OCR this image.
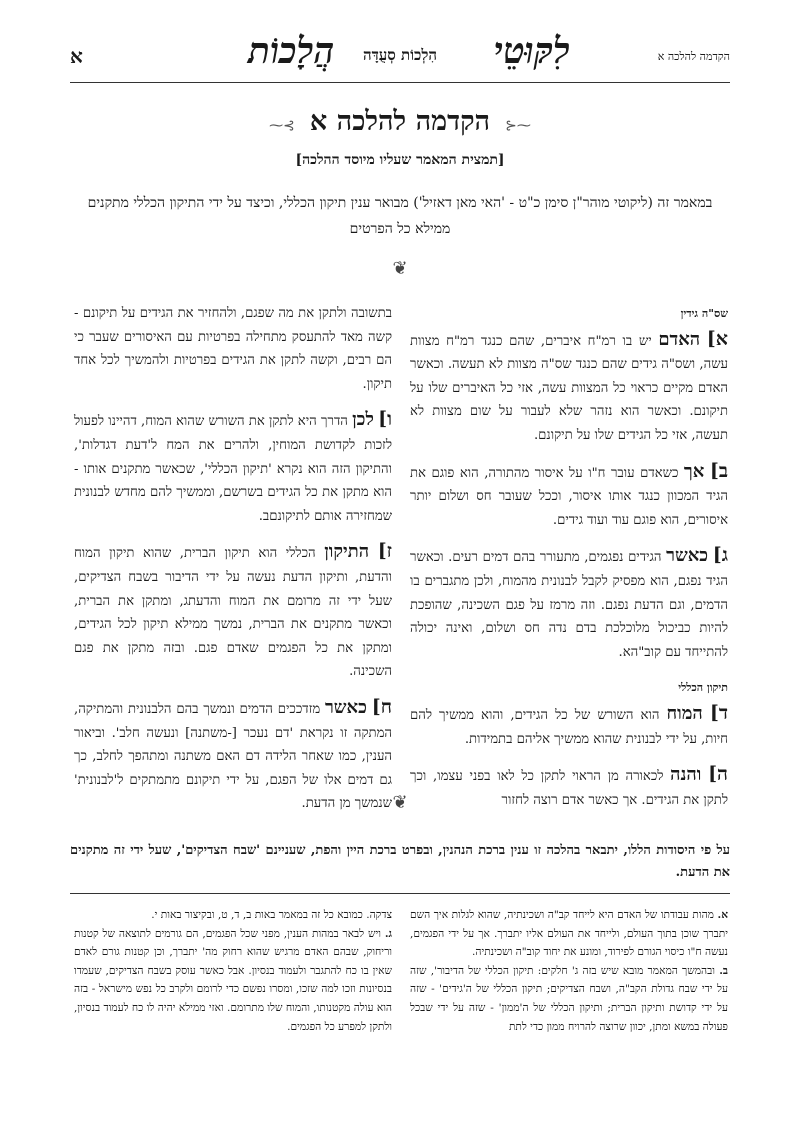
הקדמה להלכה א
לִקּוּטֵי
הִלְכוֹת סְעֻדָּה
הֲלָכוֹת
א
⁓⊰ הקדמה להלכה א ⊱⁓
[תמצית המאמר שעליו מיוסד ההלכה]
במאמר זה (ליקוטי מוהר"ן סימן כ"ט - 'האי מאן דאזיל') מבואר ענין תיקון הכללי, וכיצד על ידי התיקון הכללי מתקנים ממילא כל הפרטים
❦
שס"ה גידין

א] האדם יש בו רמ"ח איברים, שהם כנגד רמ"ח מצוות עשה, ושס"ה גידים שהם כנגד שס"ה מצוות לא תעשה. וכאשר האדם מקיים כראוי כל המצוות עשה, אזי כל האיברים שלו על תיקונם. וכאשר הוא נזהר שלא לעבור על שום מצוות לא תעשה, אזי כל הגידים שלו על תיקונם.

ב] אך כשאדם עובר ח"ו על איסור מהתורה, הוא פוגם את הגיד המכוון כנגד אותו איסור, וככל שעובר חס ושלום יותר איסורים, הוא פוגם עוד ועוד גידים.

ג] כאשר הגידים נפגמים, מתעורר בהם דמים רעים. וכאשר הגיד נפגם, הוא מפסיק לקבל לבנונית מהמוח, ולכן מתגברים בו הדמים, וגם הדעת נפגם. וזה מרמז על פגם השכינה, שהופכת להיות כביכול מלוכלכת בדם נדה חס ושלום, ואינה יכולה להתייחד עם קוב"הא.

תיקון הכללי

ד] המוח הוא השורש של כל הגידים, והוא ממשיך להם חיות, על ידי לבנונית שהוא ממשיך אליהם בתמידות.

ה] והנה לכאורה מן הראוי לתקן כל לאו בפני עצמו, וכך לתקן את הגידים. אך כאשר אדם רוצה לחזור

בתשובה ולתקן את מה שפגם, ולהחזיר את הגידים על תיקונם - קשה מאד להתעסק מתחילה בפרטיות עם האיסורים שעבר כי הם רבים, וקשה לתקן את הגידים בפרטיות ולהמשיך לכל אחד תיקון.

ו] לכן הדרך היא לתקן את השורש שהוא המוח, דהיינו לפעול לזכות לקדושת המוחין, ולהרים את המח ל'דעת דגדלות', והתיקון הזה הוא נקרא 'תיקון הכללי', שכאשר מתקנים אותו - הוא מתקן את כל הגידים בשרשם, וממשיך להם מחדש לבנונית שמחזירה אותם לתיקונםב.

ז] התיקון הכללי הוא תיקון הברית, שהוא תיקון המוח והדעת, ותיקון הדעת נעשה על ידי הדיבור בשבח הצדיקים, שעל ידי זה מרומם את המוח והדעתג, ומתקן את הברית, וכאשר מתקנים את הברית, נמשך ממילא תיקון לכל הגידים, ומתקן את כל הפגמים שאדם פגם. ובזה מתקן את פגם השכינה.

ח] כאשר מזדככים הדמים ונמשך בהם הלבנונית והמתיקה, המתקה זו נקראת 'דם נעכר [-משתנה] ונעשה חלב'. וביאור הענין, כמו שאחר הלידה דם האם משתנה ומתהפך לחלב, כך גם דמים אלו של הפגם, על ידי תיקונם מתמתקים ל'לבנונית' שנמשך מן הדעת. ❦
על פי היסודות הללו, יתבאר בהלכה זו ענין ברכת הנהנין, ובפרט ברכת היין והפת, שעניינם 'שבח הצדיקים', שעל ידי זה מתקנים את הדעת.
א. מהות עבודתו של האדם היא לייחד קב"ה ושכינתיה, שהוא לגלות איך השם יתברך שוכן בתוך העולם, ולייחד את העולם אליו יתברך. אך על ידי הפגמים, נעשה ח"ו כיסוי הגורם לפירוד, ומונע את יחוד קוב"ה ושכינתיה.
ב. ובהמשך המאמר מובא שיש בזה ג' חלקים: תיקון הכללי של הדיבור', שזה על ידי שבח גדולת הקב"ה, ושבח הצדיקים; תיקון הכללי של ה'גידים' - שזה על ידי קדושת ותיקון הברית; ותיקון הכללי של ה'ממון' - שזה על ידי שבכל פעולה במשא ומתן, יכוון שרוצה להרויח ממון כדי לתת
צדקה. כמובא כל זה במאמר באות ב, ד, ט, ובקיצור באות י.
ג. ויש לבאר במהות הענין, מפני שכל הפגמים, הם גורמים לתוצאה של קטנות וריחוק, שבהם האדם מרגיש שהוא רחוק מה' יתברך, וכן קטנות גורם לאדם שאין בו כח להתגבר ולעמוד בנסיון. אבל כאשר עוסק בשבח הצדיקים, שעמדו בנסיונות וזכו למה שזכו, ומסרו נפשם כדי לרומם ולקרב כל נפש מישראל - בזה הוא עולה מקטנותו, והמוח שלו מתרומם. ואזי ממילא יהיה לו כח לעמוד בנסיון, ולתקן למפרע כל הפגמים.
